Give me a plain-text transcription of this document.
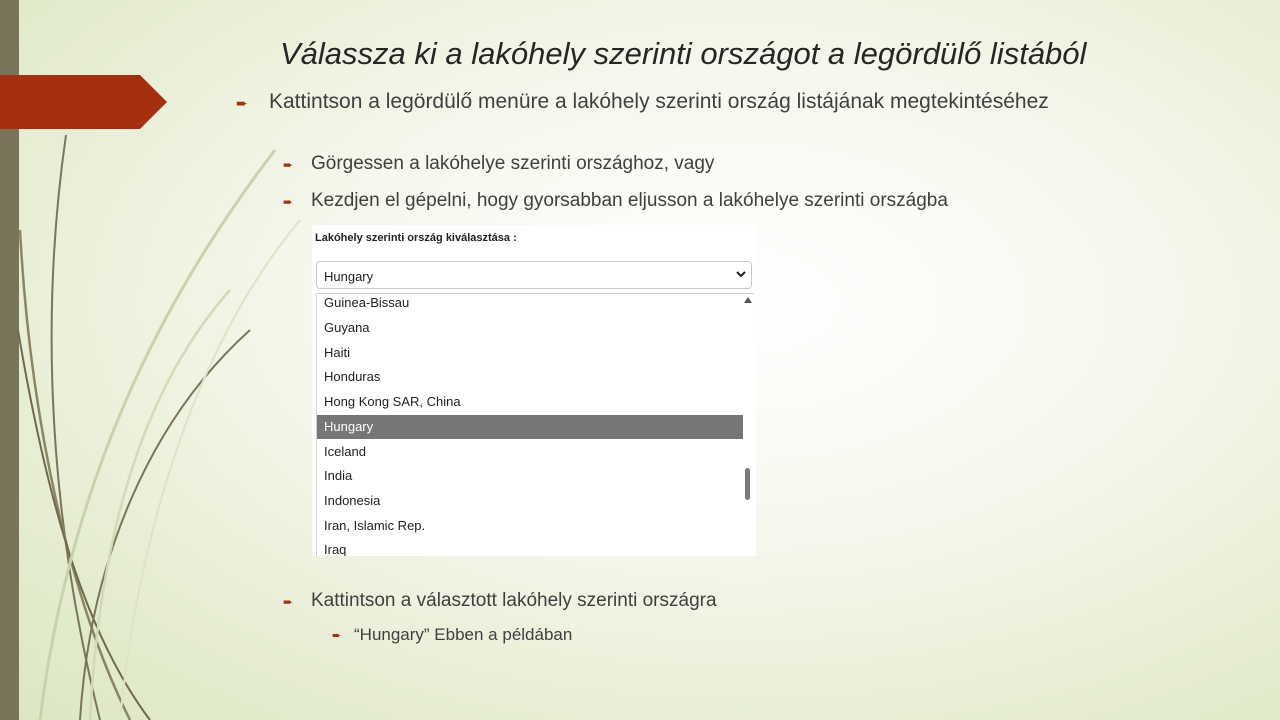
Válassza ki a lakóhely szerinti országot a legördülő listából
➨ Kattintson a legördülő menüre a lakóhely szerinti ország listájának megtekintéséhez
➨ Görgessen a lakóhelye szerinti országhoz, vagy
➨ Kezdjen el gépelni, hogy gyorsabban eljusson a lakóhelye szerinti országba
Lakóhely szerinti ország kiválasztása :
Hungary
Guinea-Bissau
Guyana
Haiti
Honduras
Hong Kong SAR, China
Hungary
Iceland
India
Indonesia
Iran, Islamic Rep.
Iraq
➨ Kattintson a választott lakóhely szerinti országra
➨ “Hungary” Ebben a példában
